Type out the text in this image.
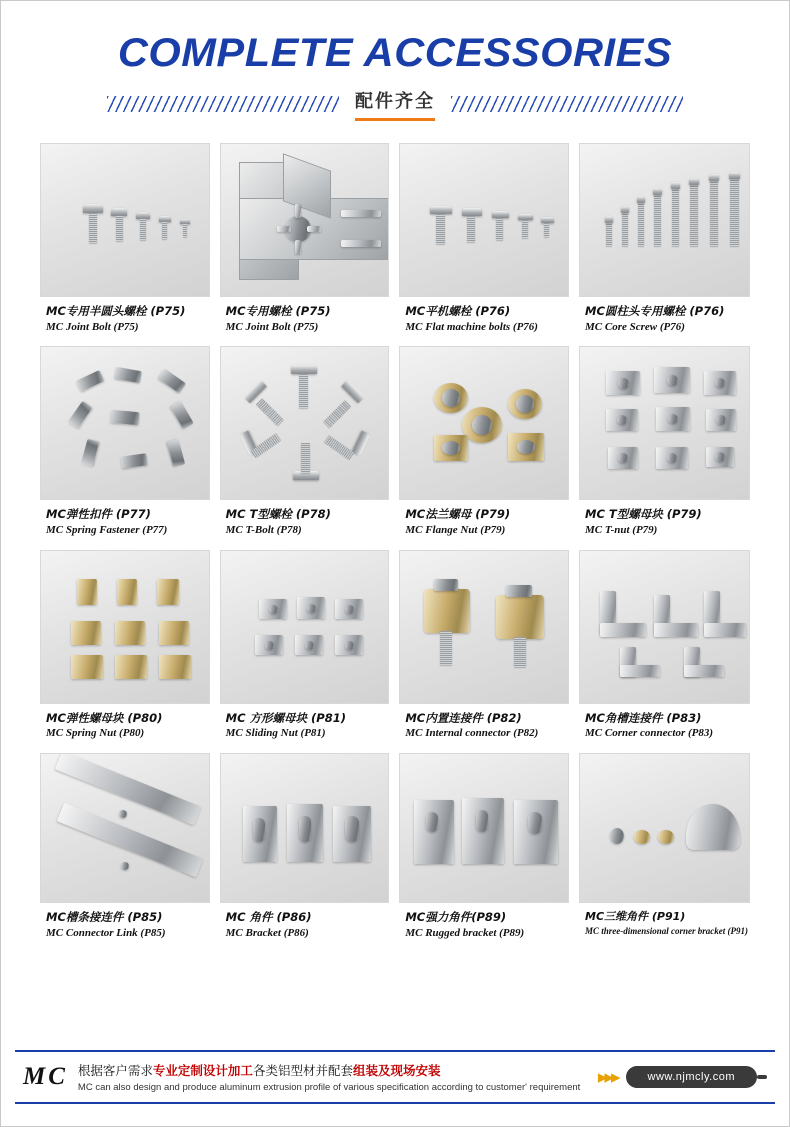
COMPLETE ACCESSORIES
配件齐全
MC专用半圆头螺栓 (P75)
MC Joint Bolt (P75)
MC专用螺栓 (P75)
MC Joint Bolt (P75)
MC平机螺栓 (P76)
MC Flat machine bolts (P76)
MC圆柱头专用螺栓 (P76)
MC Core Screw (P76)
MC弹性扣件 (P77)
MC Spring Fastener (P77)
MC T型螺栓 (P78)
MC T-Bolt (P78)
MC法兰螺母 (P79)
MC Flange Nut (P79)
MC T型螺母块 (P79)
MC T-nut (P79)
MC弹性螺母块 (P80)
MC Spring Nut (P80)
MC 方形螺母块 (P81)
MC Sliding Nut (P81)
MC内置连接件 (P82)
MC Internal connector (P82)
MC角槽连接件 (P83)
MC Corner connector (P83)
MC槽条接连件 (P85)
MC Connector Link (P85)
MC 角件 (P86)
MC Bracket (P86)
MC强力角件(P89)
MC Rugged bracket (P89)
MC三维角件 (P91)
MC three-dimensional corner bracket (P91)
MC 根据客户需求专业定制设计加工各类铝型材并配套组装及现场安装
MC can also design and produce aluminum extrusion profile of various specification according to customer' requirement ▸▸▸	www.njmcly.com
